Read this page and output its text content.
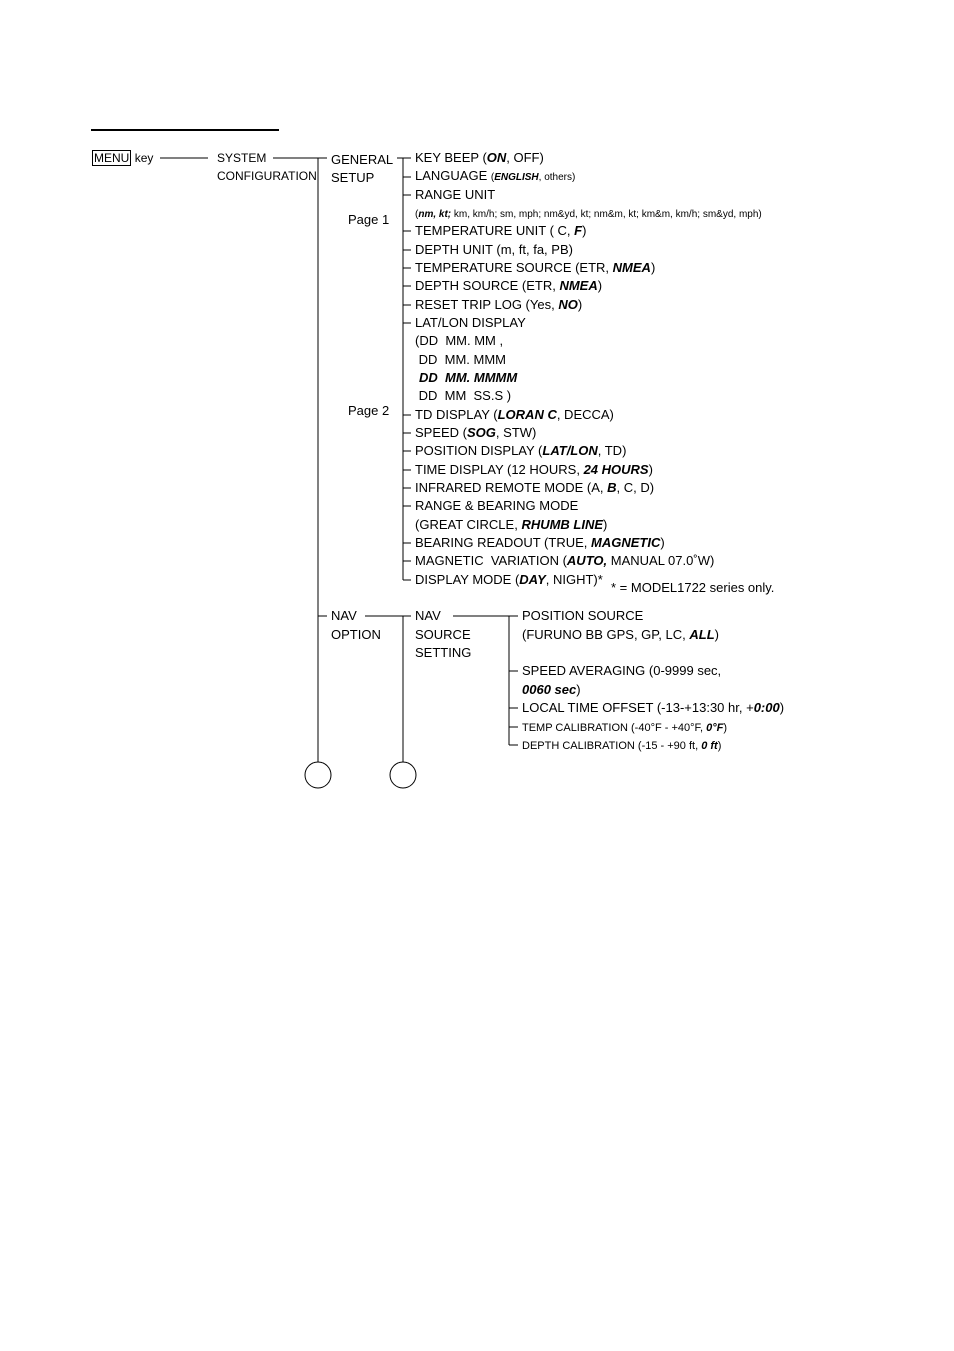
MENU key	SYSTEM
CONFIGURATION
GENERAL
SETUP
Page 1
Page 2
KEY BEEP (ON, OFF)
LANGUAGE (ENGLISH, others)
RANGE UNIT
(nm, kt; km, km/h; sm, mph; nm&yd, kt; nm&m, kt; km&m, km/h; sm&yd, mph)
TEMPERATURE UNIT ( C, F)
DEPTH UNIT (m, ft, fa, PB)
TEMPERATURE SOURCE (ETR, NMEA)
DEPTH SOURCE (ETR, NMEA)
RESET TRIP LOG (Yes, NO)
LAT/LON DISPLAY
(DD  MM. MM ,
DD  MM. MMM
DD  MM. MMMM
DD  MM  SS.S )
TD DISPLAY (LORAN C, DECCA)
SPEED (SOG, STW)
POSITION DISPLAY (LAT/LON, TD)
TIME DISPLAY (12 HOURS, 24 HOURS)
INFRARED REMOTE MODE (A, B, C, D)
RANGE & BEARING MODE
(GREAT CIRCLE, RHUMB LINE)
BEARING READOUT (TRUE, MAGNETIC)
MAGNETIC  VARIATION (AUTO, MANUAL 07.0˚W)
DISPLAY MODE (DAY, NIGHT)*
* = MODEL1722 series only.
NAV
OPTION
NAV
SOURCE
SETTING
POSITION SOURCE
(FURUNO BB GPS, GP, LC, ALL)
SPEED AVERAGING (0-9999 sec,
0060 sec)
LOCAL TIME OFFSET (-13-+13:30 hr, +0:00)
TEMP CALIBRATION (-40°F - +40°F, 0°F)
DEPTH CALIBRATION (-15 - +90 ft, 0 ft)
